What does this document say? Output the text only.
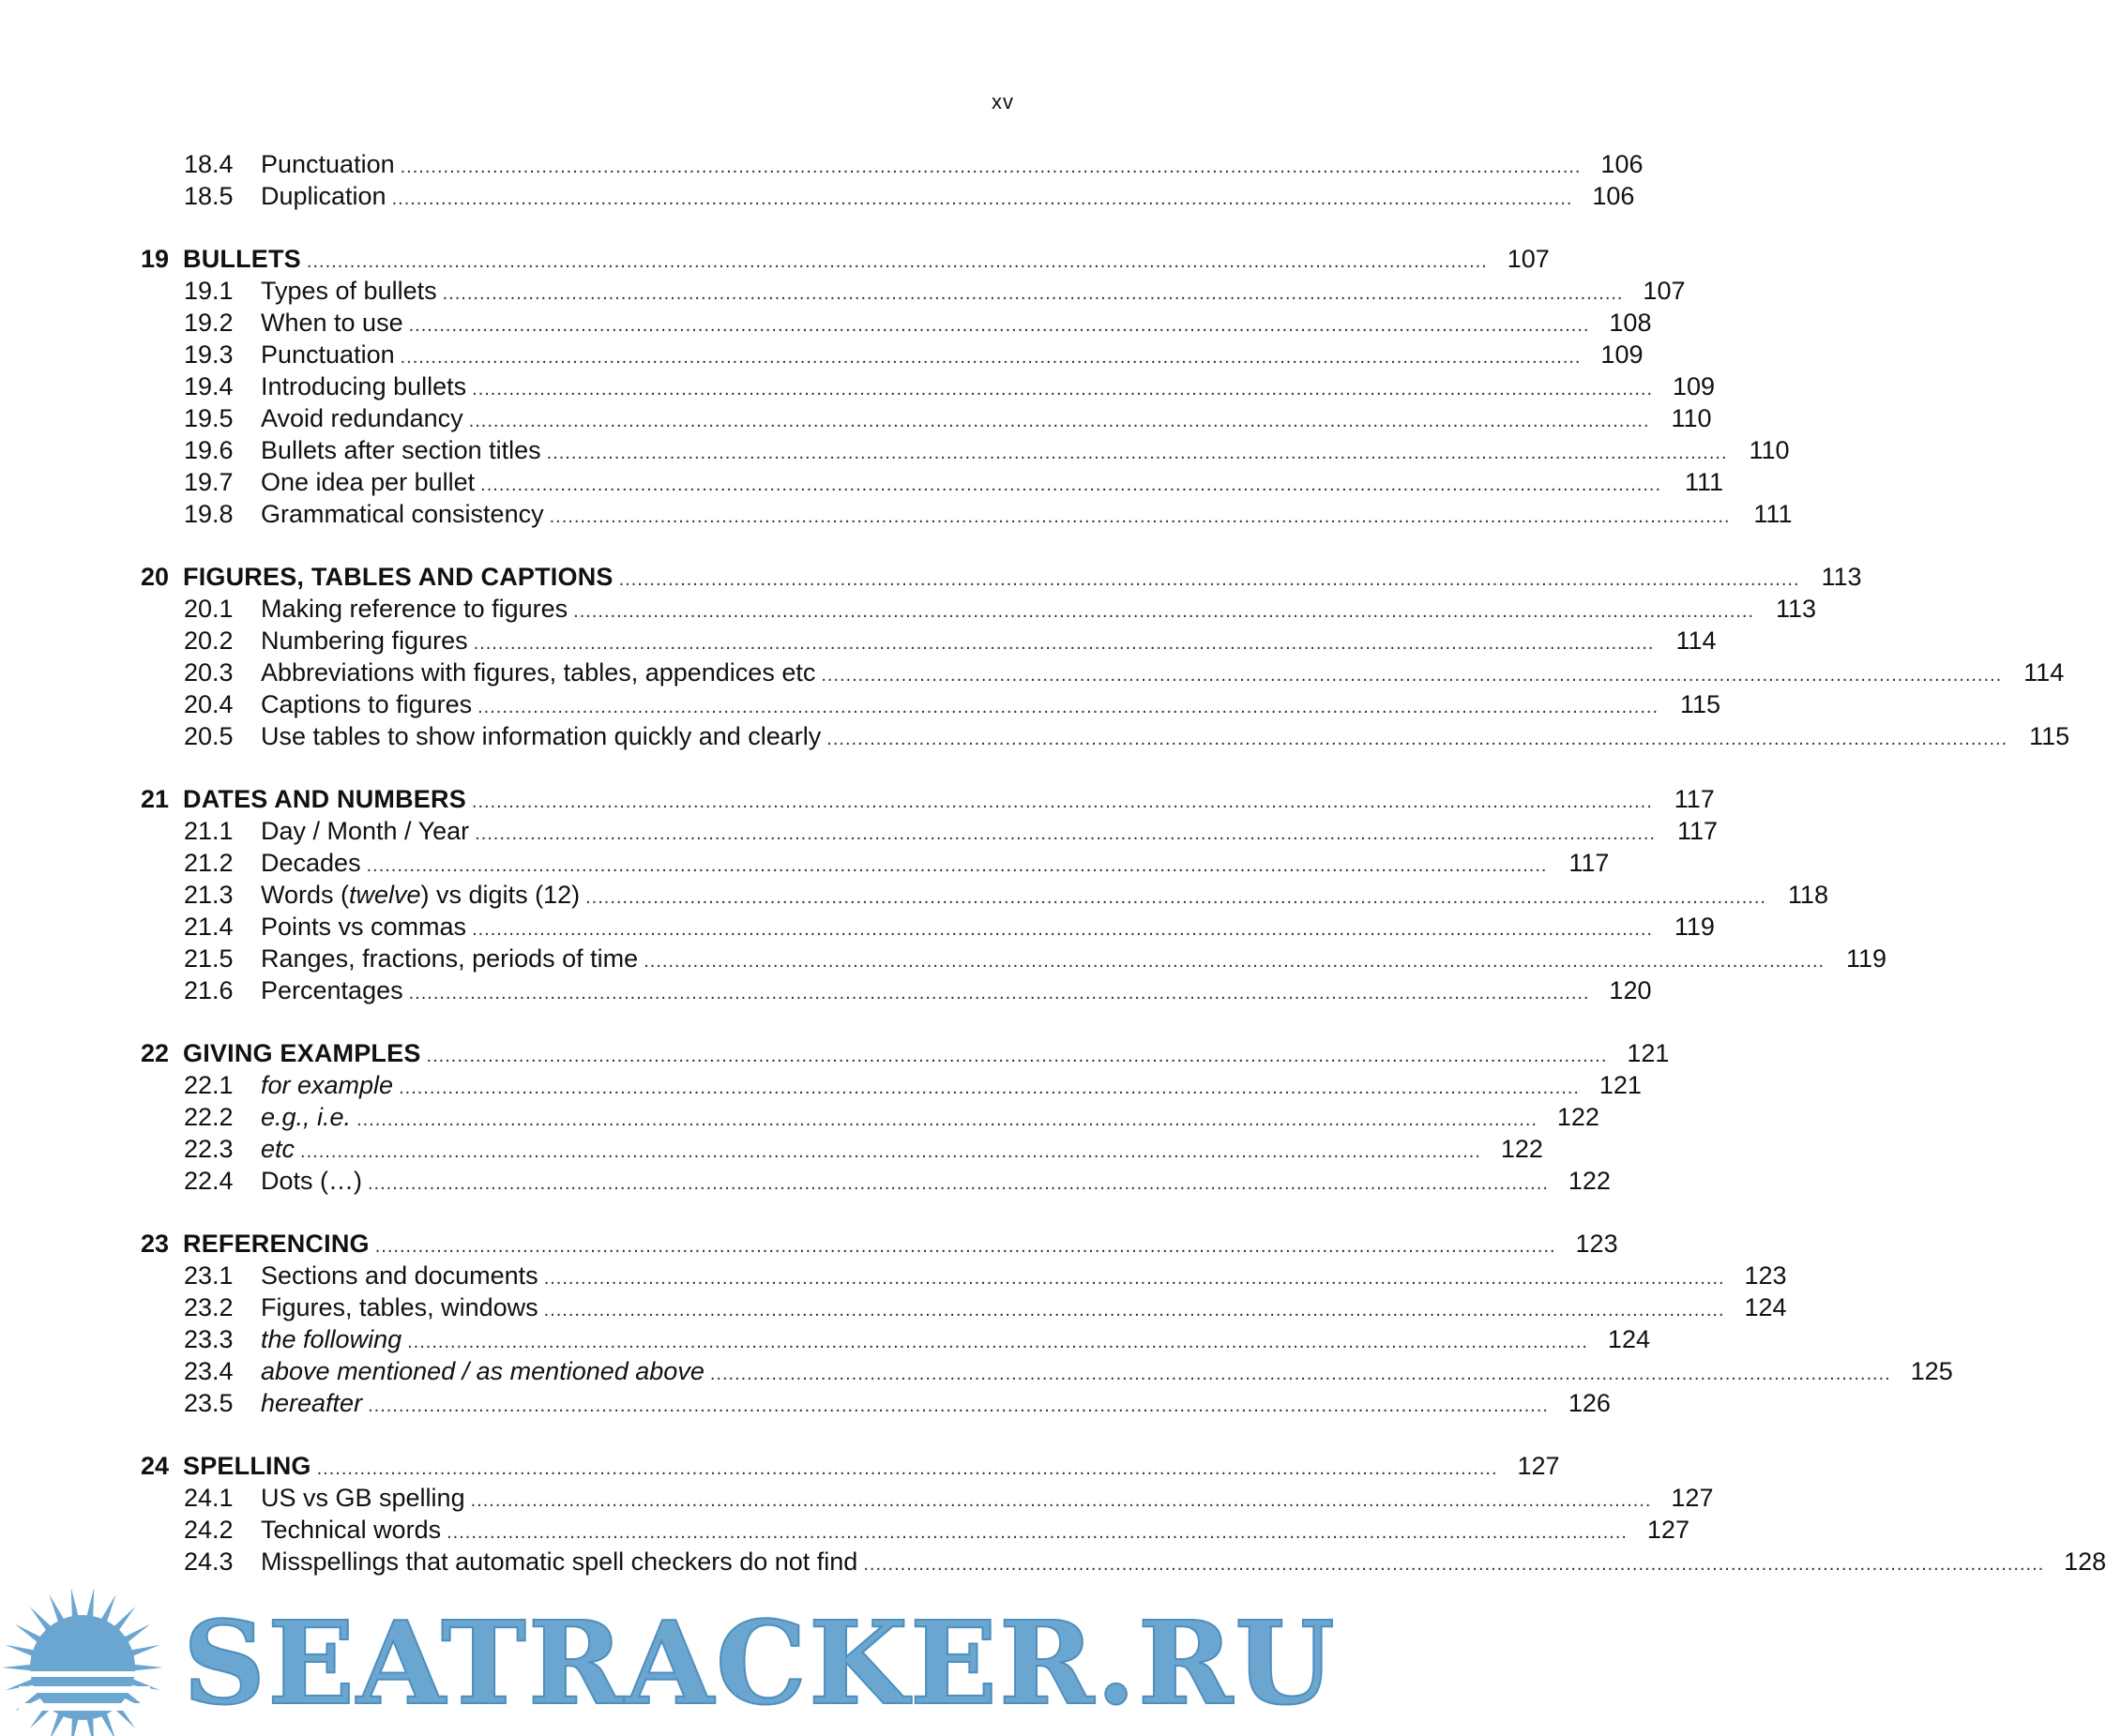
xv
18.4	Punctuation .....	106
18.5	Duplication .....	106
19 BULLETS .....	107
19.1	Types of bullets .....	107
19.2	When to use .....	108
19.3	Punctuation .....	109
19.4	Introducing bullets .....	109
19.5	Avoid redundancy .....	110
19.6	Bullets after section titles .....	110
19.7	One idea per bullet .....	111
19.8	Grammatical consistency .....	111
20 FIGURES, TABLES AND CAPTIONS .....	113
20.1	Making reference to figures .....	113
20.2	Numbering figures .....	114
20.3	Abbreviations with figures, tables, appendices etc .....	114
20.4	Captions to figures .....	115
20.5	Use tables to show information quickly and clearly .....	115
21 DATES AND NUMBERS .....	117
21.1	Day / Month / Year .....	117
21.2	Decades .....	117
21.3	Words (twelve) vs digits (12) .....	118
21.4	Points vs commas .....	119
21.5	Ranges, fractions, periods of time .....	119
21.6	Percentages .....	120
22 GIVING EXAMPLES .....	121
22.1	for example .....	121
22.2	e.g., i.e. .....	122
22.3	etc .....	122
22.4	Dots (…) .....	122
23 REFERENCING .....	123
23.1	Sections and documents .....	123
23.2	Figures, tables, windows .....	124
23.3	the following .....	124
23.4	above mentioned / as mentioned above .....	125
23.5	hereafter .....	126
24 SPELLING .....	127
24.1	US vs GB spelling .....	127
24.2	Technical words .....	127
24.3	Misspellings that automatic spell checkers do not find .....	128
SEATRACKER.RU
